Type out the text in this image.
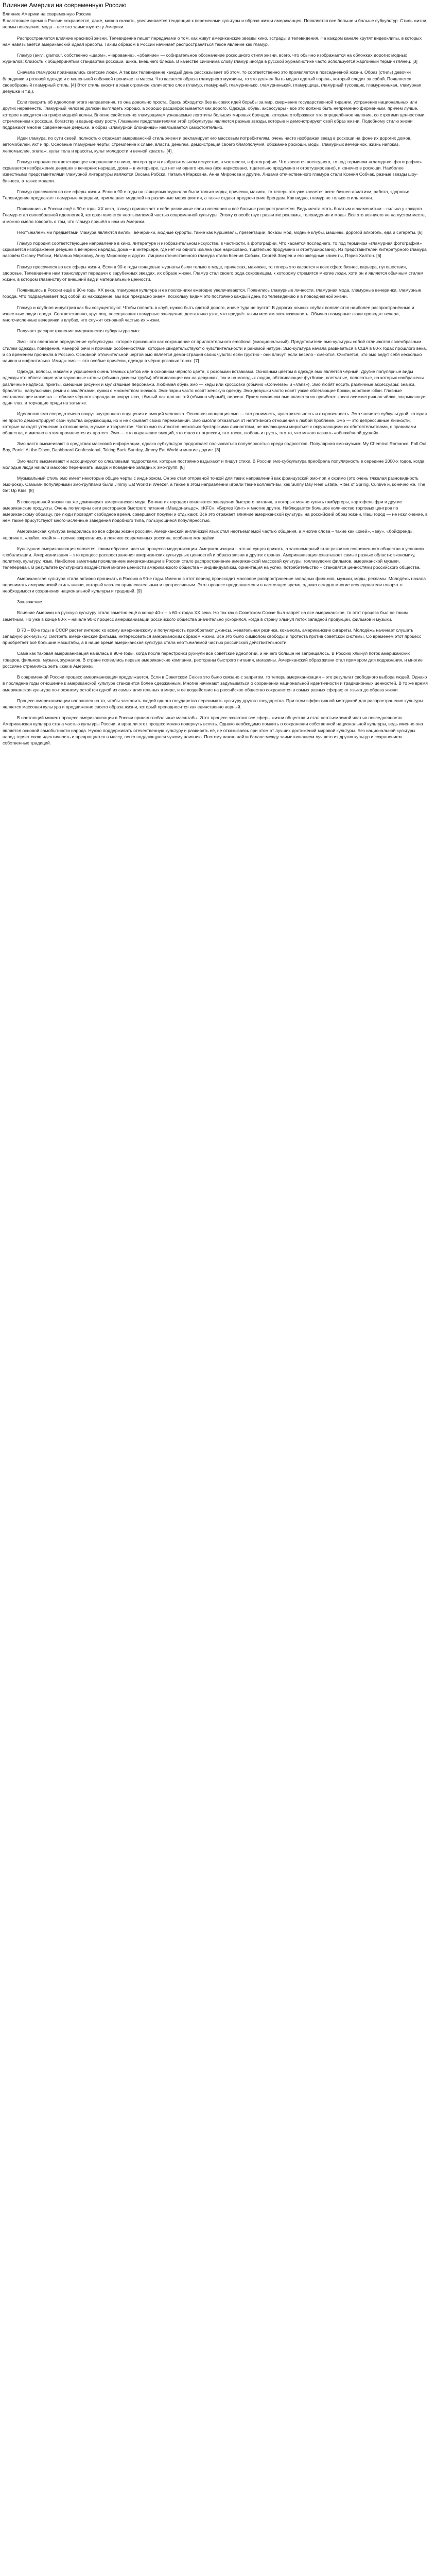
Влияние Америки на современную Россию
Влияние Америки на современную Россию

В настоящее время в России сохраняется, даже, можно сказать, увеличивается тенденция к переменами культуры и образа жизни американцев. Появляется все больше и больше субкультур. Стиль жизни, нормы поведения, мода – все это заимствуется у Америки.

Распространяется влияние красивой жизни. Телевидение пишет передачами о том, как живут американские звезды кино, эстрады и телевидения. На каждом канале крутят видеоклипы, в которых нам навязывается американский идеал красоты. Таким образом в России начинает распространяться такое явление как гламур.

Гламур (англ. glamour, собственно «шарм», «чарование», «обаяние» — собирательное обозначение роскошного стиля жизни, всего, что обычно изображается на обложках дорогих модных журналов; близость к общепринятым стандартам роскоши, шика, внешнего блеска. В качестве синонима слову гламур иногда в русской журналистике часто используется жаргонный термин глянец. [3]

Сначала гламуром признавались светские люди. А так как телевидение каждый день рассказывает об этом, то соответственно это проявляется в повседневной жизни. Образ (стиль) девочки блондинки в розовой одежде и с маленькой собачкой проникает в массы. Что касается образа гламурного мужчины, то это должен быть модно одетый парень, который следит за собой. Появляется своеобразный гламурный стиль. [4] Этот стиль вносит в язык огромное количество слов (гламур, гламурный, гламурненько, гламурненький, гламурщица, гламурный тусовщик, гламурненькая, гламурная девушка и т.д.).

Если говорить об идеологии этого направления, то она довольно проста. Здесь обходится без высоких идей борьбы за мир, свержение государственной тирании, устранение национальных или других неравенств. Гламурный человек должен выглядеть хорошо, а хорошо расшифровывается как дорого. Одежда, обувь, аксессуары - все это должно быть непременно фирменным, причем лучше, которое находится на грифе модной волны. Вполне свойственно гламурщикам узнаваемые логотипы больших мировых брендов, которые отображают это определённое явление, со строгими ценностями, стремлением к роскоши, богатству и карьерному росту. Главными представителями этой субкультуры являются разные звезды, которые и демонстрируют свой образ жизни. Подобному стилю жизни подражают многие современные девушки, а образ «гламурной блондинки» навязывается самостоятельно.

Идеи гламура, по сути своей, полностью отражает американский стиль жизни и рекламирует его массовым потребителям, очень часто изображая звезд в роскоши на фоне их дорогих домов, автомобилей, яхт и пр. Основные гламурные черты: стремление к славе, власти, деньгам, демонстрация своего благополучия, обожание роскоши, моды, гламурных вечеринок, жизнь напоказ, легкомыслие, эпатаж, культ тела и красоты, культ молодости и вечной красоты [4].

Гламур породил соответствующее направление в кино, литературе и изобразительном искусстве, в частности, в фотографии. Что касается последнего, то под термином «гламурная фотография» скрывается изображение девушек в вечерних нарядах, дома – в интерьере, где нет ни одного изъяна (все нарисовано, тщательно продумано и отретушировано), и конечно в роскоши. Наиболее известными представителями гламурной литературы являются Оксана Робски, Наталья Марковна, Анна Миронова и другие. Лицами отечественного гламура стали Ксения Собчак, разные звезды шоу-бизнеса, а также модели.

Гламур просочился во все сферы жизни. Если в 90-е годы на глянцевых журналах были только моды, прически, макияж, то теперь это уже касается всех: бизнес-авиатизм, работа, здоровье. Телевидение предлагает гламурные передачи, приглашает моделей на различные мероприятия, а также отдают предпочтение брендам. Как видно, гламур не только стиль жизни.

Появившись в России ещё в 90-е годы XX века, гламур привлекает к себе различные слои населения и всё больше распространяется. Ведь мечта стать богатым и знаменитым – сильна у каждого. Гламур стал своеобразной идеологией, которая является неотъемлемой частью современной культуры. Этому способствует развитие рекламы, телевидения и моды. Всё это возникло не на пустом месте, и можно смело говорить о том, что гламур пришёл к нам из Америки.

Неотъемлемыми предметами гламура являются виллы, вечеринки, модные курорты, такие как Куршевель, презентации, показы мод, модные клубы, машины, дорогой алкоголь, еда и сигареты. [6]

Гламур породил соответствующее направление в кино, литературе и изобразительном искусстве, в частности, в фотографии. Что касается последнего, то под термином «гламурная фотография» скрывается изображение девушек в вечерних нарядах, дома – в интерьере, где нет ни одного изъяна (все нарисовано, тщательно продумано и отретушировано). Из представителей литературного гламура назовём Оксану Робски, Наталью Марковну, Анну Миронову и других. Лицами отечественного гламура стали Ксения Собчак, Сергей Зверев и его звёздные клиенты, Пэрис Хилтон. [6]

Гламур просочился во все сферы жизни. Если в 90-е годы глянцевые журналы были только о моде, прическах, макияже, то теперь это касается и всех сфер: бизнес, карьера, путешествия, здоровье. Телевидение нам транслирует передачи о зарубежных звездах, их образе жизни. Гламур стал своего рода сокровищем, к которому стремятся многие люди, хотя он и является обычным стилем жизни, в котором главенствуют внешний вид и материальные ценности.

Появившись в России ещё в 90-е годы XX века, гламурная культура и ее поклонники ежегодно увеличиваются. Появились гламурные личности, гламурная мода, гламурные вечеринки, гламурные города. Что подразумевает под собой их нахождение, мы все прекрасно знаем, поскольку видим это постоянно каждый день по телевидению и в повседневной жизни.

Гламур и клубная индустрия как бы сосуществуют. Чтобы попасть в клуб, нужно быть одетой дорого, иначе туда не пустят. В дорогих ночных клубах появляются наиболее распространённые и известные люди города. Соответственно, круг лиц, посещающих гламурные заведения, достаточно узок, что придаёт таким местам эксклюзивность. Обычно гламурные люди проводят вечера, многочисленные вечеринки в клубах, что служит основной частью их жизни.

Получает распространение американская субкультура эмо:

Эмо - это сленговое определение субкультуры, которое произошло как сокращение от прилагательного emotional (эмоциональный). Представители эмо-культуры собой отличаются своеобразным стилем одежды, поведения, манерой речи и прочими особенностями, которые свидетельствуют о чувствительности и ранимой натуре. Эмо-культура начала развиваться в США в 80-х годах прошлого века, и со временем проникла в Россию. Основной отличительной чертой эмо является демонстрация своих чувств: если грустно - они плачут, если весело - смеются. Считается, что эмо ведут себя несколько наивно и инфантильно. Имидж эмо — это особые причёски, одежда в чёрно-розовых тонах. [7]

Одежда, волосы, макияж и украшения очень тёмных цветов или в основном чёрного цвета, с розовыми вставками. Основным цветом в одежде эмо является чёрный. Другие популярные виды одежды это облегающие или зауженные штаны (обычно джинсы-трубы) обтягивающие как на девушках, так и на молодых людях, обтягивающие футболки, клетчатые, полосатые, на которых изображены различные надписи, принты, смешные рисунки и мультяшные персонажи. Любимая обувь эмо — кеды или кроссовки (обычно «Converse» и «Vans»). Эмо любят носить различные аксессуары: значки, браслеты, напульсники, ремни с заклёпками, сумки с множеством значков. Эмо-парни часто носят женскую одежду. Эмо-девушки часто носят узкие облегающие брюки, короткие юбки. Главные составляющие макияжа — обилие чёрного карандаша вокруг глаз, тёмный лак для ногтей (обычно чёрный), пирсинг. Ярким символом эмо является их причёска: косая асимметричная чёлка, закрывающая один глаз, и торчащие пряди на затылке.

Идеология эмо сосредоточена вокруг внутреннего ощущения и эмоций человека. Основная концепция эмо — это ранимость, чувствительность и откровенность. Эмо является субкультурой, которая не просто демонстрирует свои чувства окружающим, но и не скрывает своих переживаний. Эмо смогли отказаться от негативного отношения к любой проблеме. Эмо — это депрессивные личности, которые находят утешение в отношениях, музыке и творчестве. Часто эмо считаются несколько бунтарскими личностями, не желающими мириться с окружающими их обстоятельствами, с правилами общества, и именно в этом проявляется их протест. Эмо — это выражение эмоций, это отказ от агрессии, это тоска, любовь и грусть, это то, что можно назвать «обнажённой душой».

Эмо часто высмеивают в средствах массовой информации, однако субкультура продолжает пользоваться популярностью среди подростков. Популярная эмо-музыка: My Chemical Romance, Fall Out Boy, Panic! At the Disco, Dashboard Confessional, Taking Back Sunday, Jimmy Eat World и многие другие. [8]

Эмо часто высмеивают и ассоциируют со слезливыми подростками, которые постоянно вздыхают и пишут стихи. В России эмо-субкультура приобрела популярность в середине 2000-х годов, когда молодые люди начали массово перенимать имидж и поведение западных эмо-групп. [8]

Музыкальный стиль эмо имеет некоторые общие черты с инди-роком. Он же стал отправной точкой для таких направлений как французский эмо-поп и скримо (это очень тяжелая разновидность эмо-рока). Самыми популярными эмо-группами были Jimmy Eat World и Weezer, а также в этом направлении играли такие коллективы, как Sunny Day Real Estate, Rites of Spring, Cursive и, конечно же, The Get Up Kids. [8]

В повседневной жизни так же доминирует американская мода. Во многих городах появляются заведения быстрого питания, в которых можно купить гамбургеры, картофель фри и другие американские продукты. Очень популярны сети ресторанов быстрого питания «Макдональдс», «KFC», «Бургер Кинг» и многие другие. Наблюдается большое количество торговых центров по американскому образцу, где люди проводят свободное время, совершают покупки и отдыхают. Всё это отражает влияние американской культуры на российский образ жизни. Наш город — не исключение, в нём также присутствуют многочисленные заведения подобного типа, пользующиеся популярностью.

Американская культура внедрилась во все сферы жизни россиян. Американский английский язык стал неотъемлемой частью общения, а многие слова – такие как «окей», «вау», «бойфренд», «шопинг», «лайк», «хайп» – прочно закрепились в лексике современных россиян, особенно молодёжи.

Культурная американизация является, таким образом, частью процесса модернизации. Американизация – это не сущая прихоть, а закономерный этап развития современного общества в условиях глобализации. Американизация – это процесс распространения американских культурных ценностей и образа жизни в других странах. Американизация охватывает самые разные области: экономику, политику, культуру, язык. Наиболее заметным проявлением американизации в России стало распространение американской массовой культуры: голливудских фильмов, американской музыки, телепередач. В результате культурного воздействия многие ценности американского общества – индивидуализм, ориентация на успех, потребительство – становятся ценностями российского общества.

Американская культура стала активно проникать в Россию в 90-е годы. Именно в этот период происходит массовое распространение западных фильмов, музыки, моды, рекламы. Молодёжь начала перенимать американский стиль жизни, который казался привлекательным и прогрессивным. Этот процесс продолжается и в настоящее время, однако сегодня многие исследователи говорят о необходимости сохранения национальной культуры и традиций. [9]

Заключение

Влияние Америки на русскую культуру стало заметно ещё в конце 40-х – в 60-х годах XX века. Но так как в Советском Союзе был запрет на все американское, то этот процесс был не таким заметным. Но уже в конце 80-х – начале 90-х процесс американизации российского общества значительно ускорился, когда в страну хлынул поток западной продукции, фильмов и музыки.

В 70 – 80-е годы в СССР растет интерес ко всему американскому и популярность приобретают джинсы, жевательная резинка, кока-кола, американские сигареты. Молодёжь начинает слушать западную рок-музыку, смотреть американские фильмы, интересоваться американским образом жизни. Всё это было символом свободы и протеста против советской системы. Со временем этот процесс приобретает всё большие масштабы, а в наше время американская культура стала неотъемлемой частью российской действительности.

Сама как таковая американизация началась в 90-е годы, когда после перестройки рухнули все советские идеологии, и ничего больше не запрещалось. В Россию хлынул поток американских товаров, фильмов, музыки, журналов. В стране появились первые американские компании, рестораны быстрого питания, магазины. Американский образ жизни стал примером для подражания, и многие россияне стремились жить «как в Америке».

В современной России процесс американизации продолжается. Если в Советском Союзе это было связано с запретом, то теперь американизация – это результат свободного выбора людей. Однако в последние годы отношение к американской культуре становится более сдержанным. Многие начинают задумываться о сохранении национальной идентичности и традиционных ценностей. В то же время американская культура по-прежнему остаётся одной из самых влиятельных в мире, и её воздействие на российское общество сохраняется в самых разных сферах: от языка до образа жизни.

Процесс американизации направлен на то, чтобы заставить людей одного государства перенимать культуру другого государства. При этом эффективной методикой для распространения культуры является массовая культура и продвижение своего образа жизни, который преподносится как единственно верный.

В настоящий момент процесс американизации в России принял глобальные масштабы. Этот процесс захватил все сферы жизни общества и стал неотъемлемой частью повседневности. Американская культура стала частью культуры России, и вряд ли этот процесс можно повернуть вспять. Однако необходимо помнить о сохранении собственной национальной культуры, ведь именно она является основой самобытности народа. Нужно поддерживать отечественную культуру и развивать её, не отказываясь при этом от лучших достижений мировой культуры. Без национальной культуры народ теряет свою идентичность и превращается в массу, легко поддающуюся чужому влиянию. Поэтому важно найти баланс между заимствованием лучшего из других культур и сохранением собственных традиций.
